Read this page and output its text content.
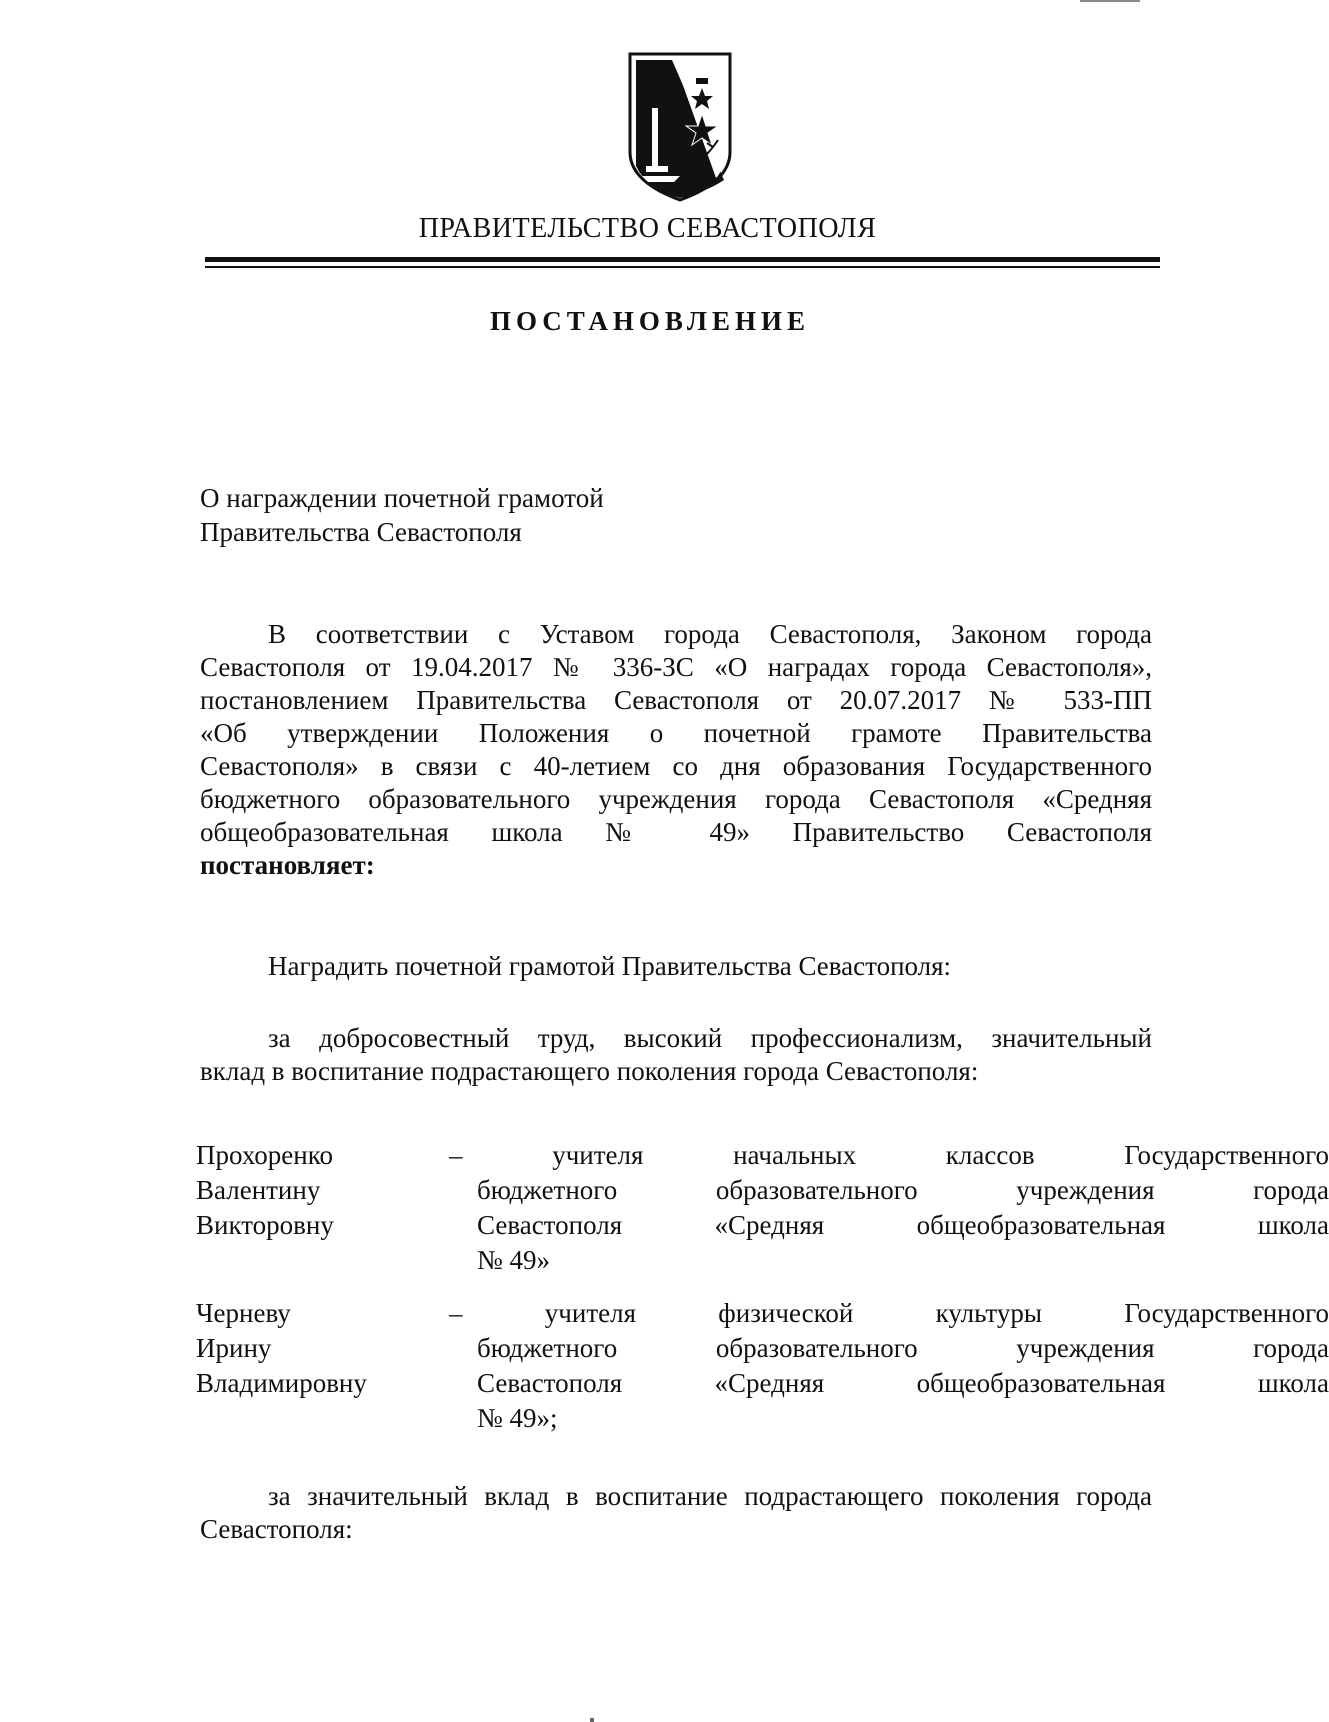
ПРАВИТЕЛЬСТВО СЕВАСТОПОЛЯ
ПОСТАНОВЛЕНИЕ
О награждении почетной грамотой
Правительства Севастополя
В соответствии с Уставом города Севастополя, Законом города
Севастополя от 19.04.2017 № 336-ЗС «О наградах города Севастополя»,
постановлением Правительства Севастополя от 20.07.2017 № 533-ПП
«Об утверждении Положения о почетной грамоте Правительства
Севастополя» в связи с 40-летием со дня образования Государственного
бюджетного образовательного учреждения города Севастополя «Средняя
общеобразовательная школа № 49» Правительство Севастополя
постановляет:
Наградить почетной грамотой Правительства Севастополя:
за добросовестный труд, высокий профессионализм, значительный
вклад в воспитание подрастающего поколения города Севастополя:
Прохоренко
Валентину
Викторовну
– учителя начальных классов Государственного
бюджетного образовательного учреждения города
Севастополя «Средняя общеобразовательная школа
№ 49»
Черневу
Ирину
Владимировну
– учителя физической культуры Государственного
бюджетного образовательного учреждения города
Севастополя «Средняя общеобразовательная школа
№ 49»;
за значительный вклад в воспитание подрастающего поколения города
Севастополя:
